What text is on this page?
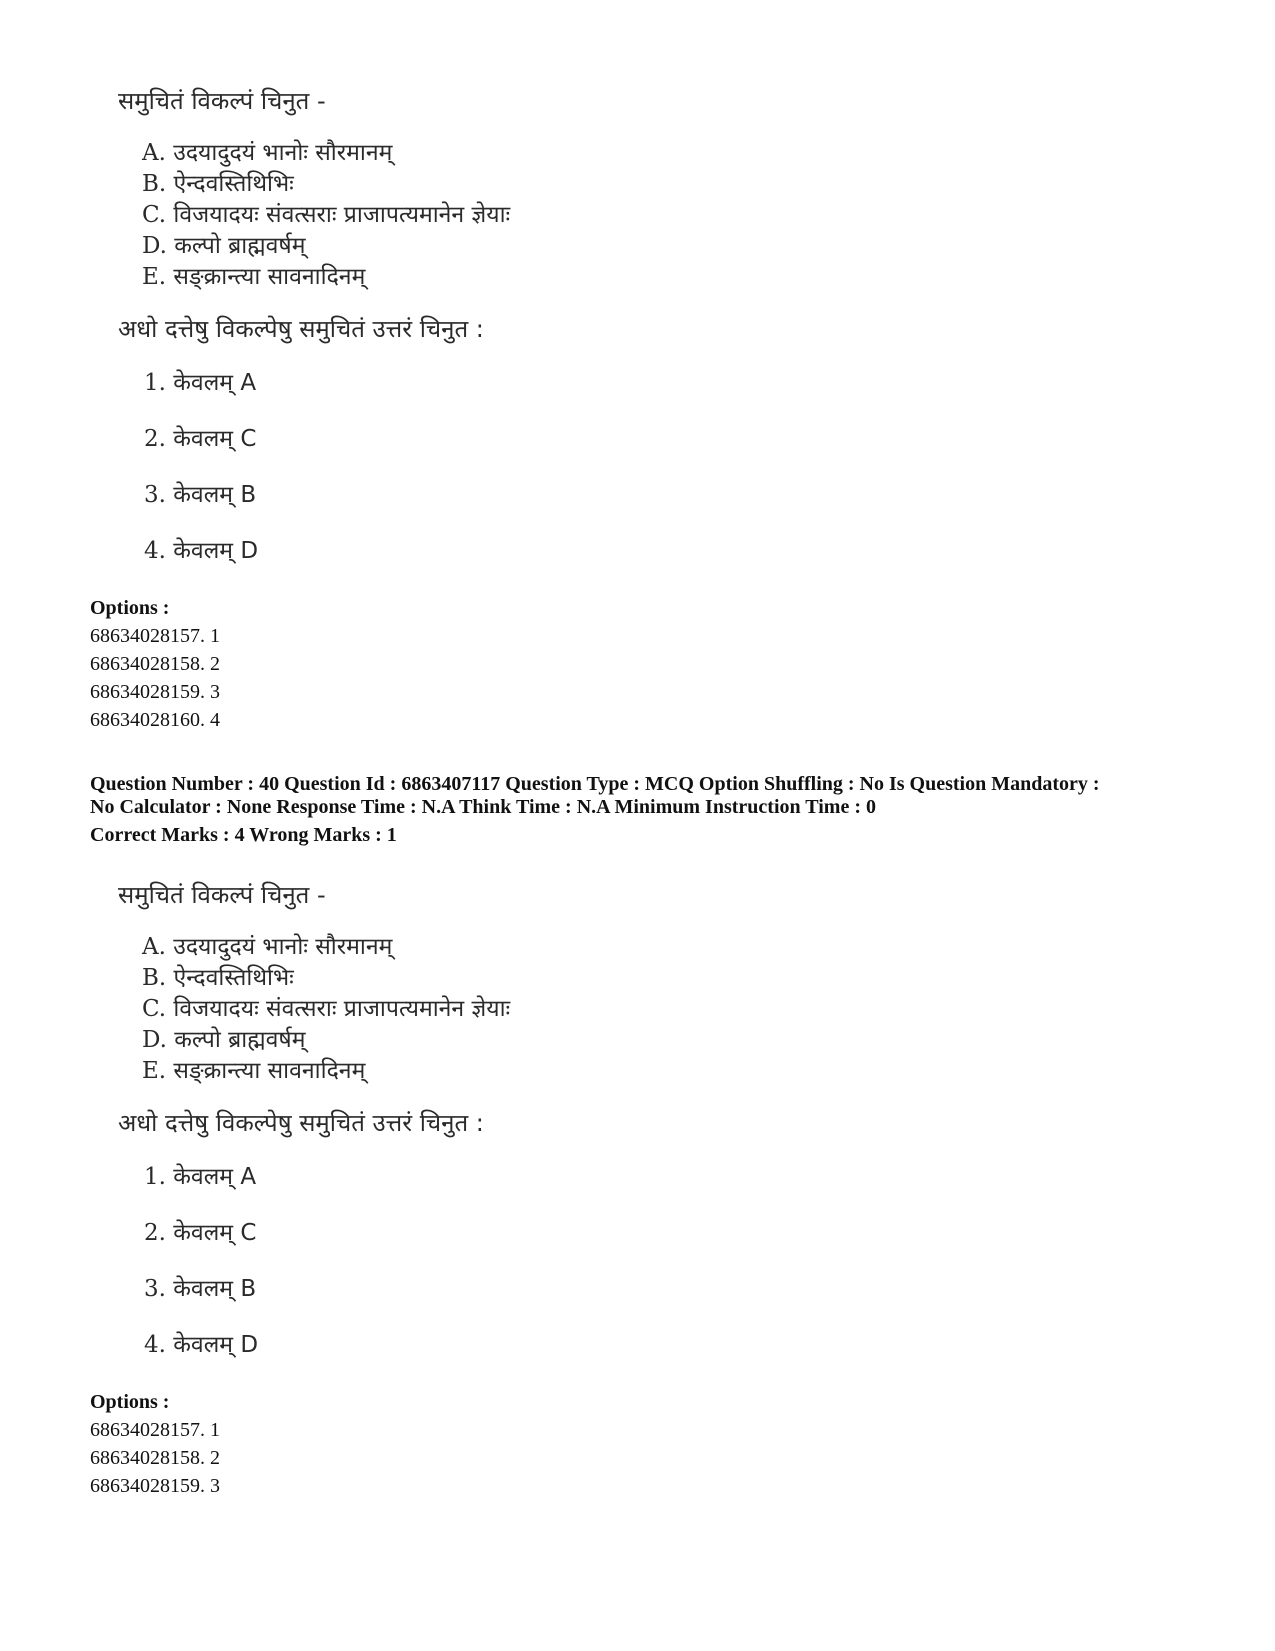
समुचितं विकल्पं चिनुत -
A. उदयादुदयं भानोः सौरमानम्
B. ऐन्दवस्तिथिभिः
C. विजयादयः संवत्सराः प्राजापत्यमानेन ज्ञेयाः
D. कल्पो ब्राह्मवर्षम्
E. सङ्क्रान्त्या सावनादिनम्
अधो दत्तेषु विकल्पेषु समुचितं उत्तरं चिनुत :
1. केवलम् A
2. केवलम् C
3. केवलम् B
4. केवलम् D
Options :
68634028157. 1
68634028158. 2
68634028159. 3
68634028160. 4
Question Number : 40 Question Id : 6863407117 Question Type : MCQ Option Shuffling : No Is Question Mandatory :
No Calculator : None Response Time : N.A Think Time : N.A Minimum Instruction Time : 0
Correct Marks : 4 Wrong Marks : 1
समुचितं विकल्पं चिनुत -
A. उदयादुदयं भानोः सौरमानम्
B. ऐन्दवस्तिथिभिः
C. विजयादयः संवत्सराः प्राजापत्यमानेन ज्ञेयाः
D. कल्पो ब्राह्मवर्षम्
E. सङ्क्रान्त्या सावनादिनम्
अधो दत्तेषु विकल्पेषु समुचितं उत्तरं चिनुत :
1. केवलम् A
2. केवलम् C
3. केवलम् B
4. केवलम् D
Options :
68634028157. 1
68634028158. 2
68634028159. 3
